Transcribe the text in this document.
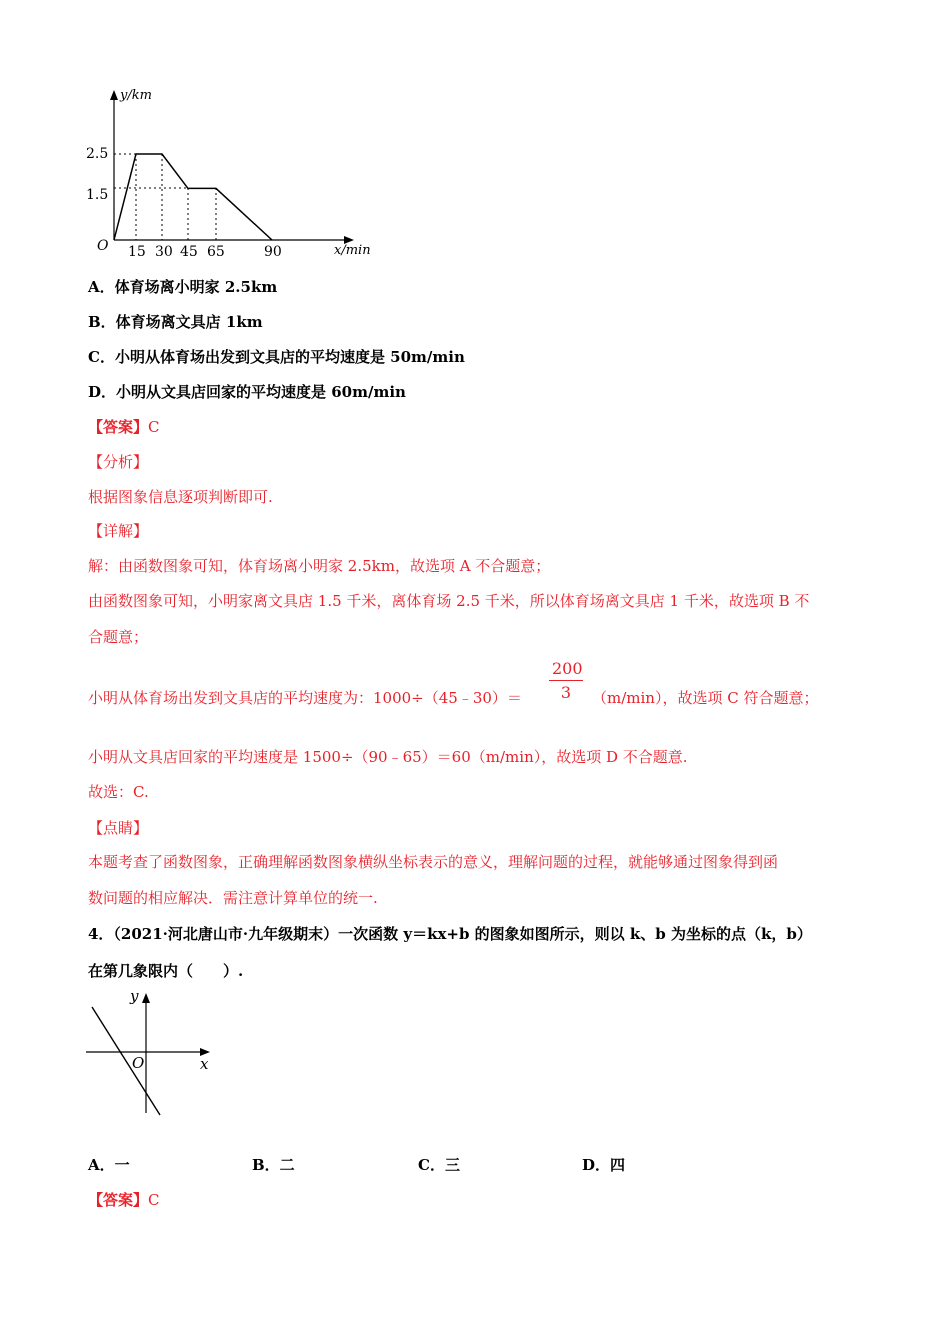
y/km
2.5
1.5
O 15 30 45 65	90	x/min
A．体育场离小明家 2.5km
B．体育场离文具店 1km
C．小明从体育场出发到文具店的平均速度是 50m/min
D．小明从文具店回家的平均速度是 60m/min
【答案】C
【分析】
根据图象信息逐项判断即可.
【详解】
解：由函数图象可知，体育场离小明家 2.5km，故选项 A 不合题意；
由函数图象可知，小明家离文具店 1.5 千米，离体育场 2.5 千米，所以体育场离文具店 1 千米，故选项 B 不
合题意；
小明从体育场出发到文具店的平均速度为：1000÷（45﹣30）＝
200
3	（m/min），故选项 C 符合题意；
小明从文具店回家的平均速度是 1500÷（90﹣65）＝60（m/min），故选项 D 不合题意.
故选：C.
【点睛】
本题考查了函数图象，正确理解函数图象横纵坐标表示的意义，理解问题的过程，就能够通过图象得到函
数问题的相应解决．需注意计算单位的统一.
4．（2021·河北唐山市·九年级期末）一次函数 y＝kx+b 的图象如图所示，则以 k、b 为坐标的点（k，b）
在第几象限内（　　）.
y
x
O
A．一	B．二	C．三	D．四
【答案】C
